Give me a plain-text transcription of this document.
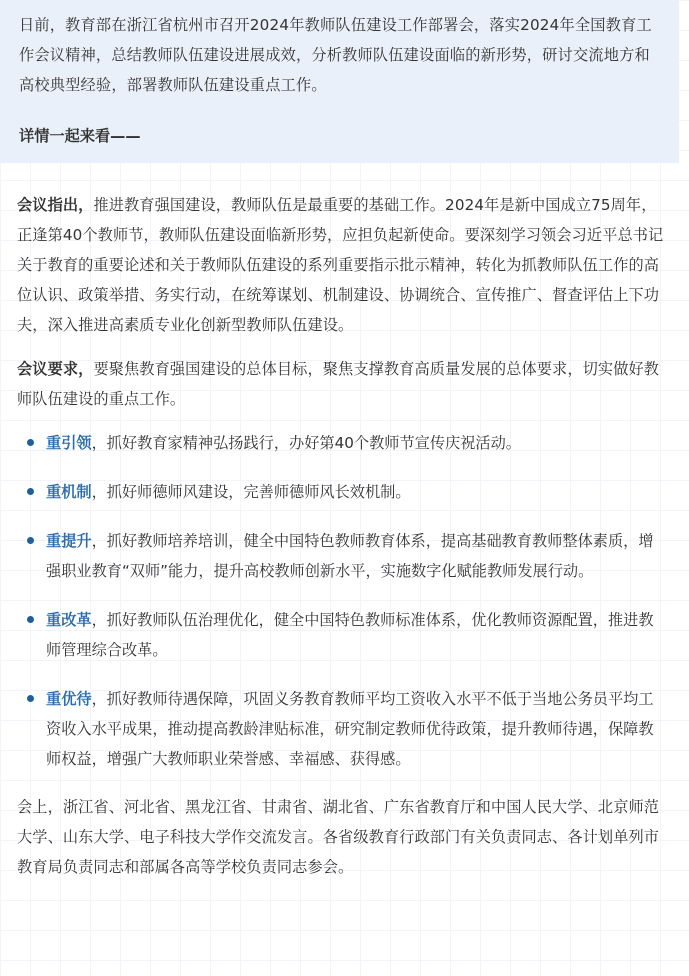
日前，教育部在浙江省杭州市召开2024年教师队伍建设工作部署会，落实2024年全国教育工作会议精神，总结教师队伍建设进展成效，分析教师队伍建设面临的新形势，研讨交流地方和高校典型经验，部署教师队伍建设重点工作。

详情一起来看——

会议指出，推进教育强国建设，教师队伍是最重要的基础工作。2024年是新中国成立75周年，正逢第40个教师节，教师队伍建设面临新形势，应担负起新使命。要深刻学习领会习近平总书记关于教育的重要论述和关于教师队伍建设的系列重要指示批示精神，转化为抓教师队伍工作的高位认识、政策举措、务实行动，在统筹谋划、机制建设、协调统合、宣传推广、督查评估上下功夫，深入推进高素质专业化创新型教师队伍建设。

会议要求，要聚焦教育强国建设的总体目标，聚焦支撑教育高质量发展的总体要求，切实做好教师队伍建设的重点工作。

重引领，抓好教育家精神弘扬践行，办好第40个教师节宣传庆祝活动。
重机制，抓好师德师风建设，完善师德师风长效机制。
重提升，抓好教师培养培训，健全中国特色教师教育体系，提高基础教育教师整体素质，增强职业教育“双师”能力，提升高校教师创新水平，实施数字化赋能教师发展行动。
重改革，抓好教师队伍治理优化，健全中国特色教师标准体系，优化教师资源配置，推进教师管理综合改革。
重优待，抓好教师待遇保障，巩固义务教育教师平均工资收入水平不低于当地公务员平均工资收入水平成果，推动提高教龄津贴标准，研究制定教师优待政策，提升教师待遇，保障教师权益，增强广大教师职业荣誉感、幸福感、获得感。

会上，浙江省、河北省、黑龙江省、甘肃省、湖北省、广东省教育厅和中国人民大学、北京师范大学、山东大学、电子科技大学作交流发言。各省级教育行政部门有关负责同志、各计划单列市教育局负责同志和部属各高等学校负责同志参会。
